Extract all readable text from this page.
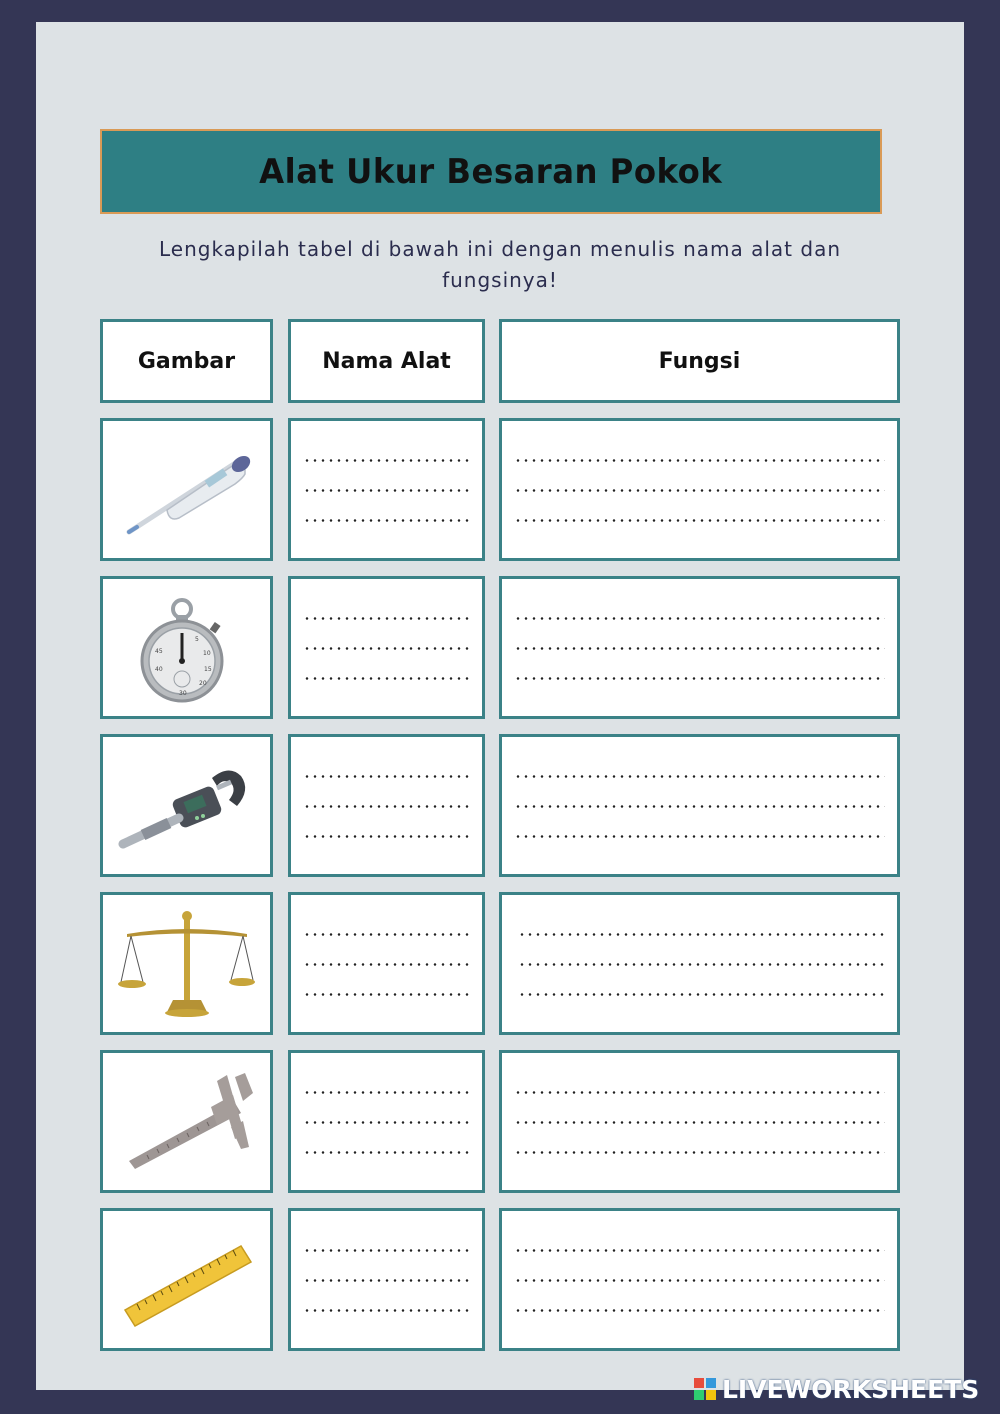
Alat Ukur Besaran Pokok
Lengkapilah tabel di bawah ini dengan menulis nama alat dan fungsinya!
Gambar	Nama Alat	Fungsi
5
10
15
20
40
45
30
LIVEWORKSHEETS
